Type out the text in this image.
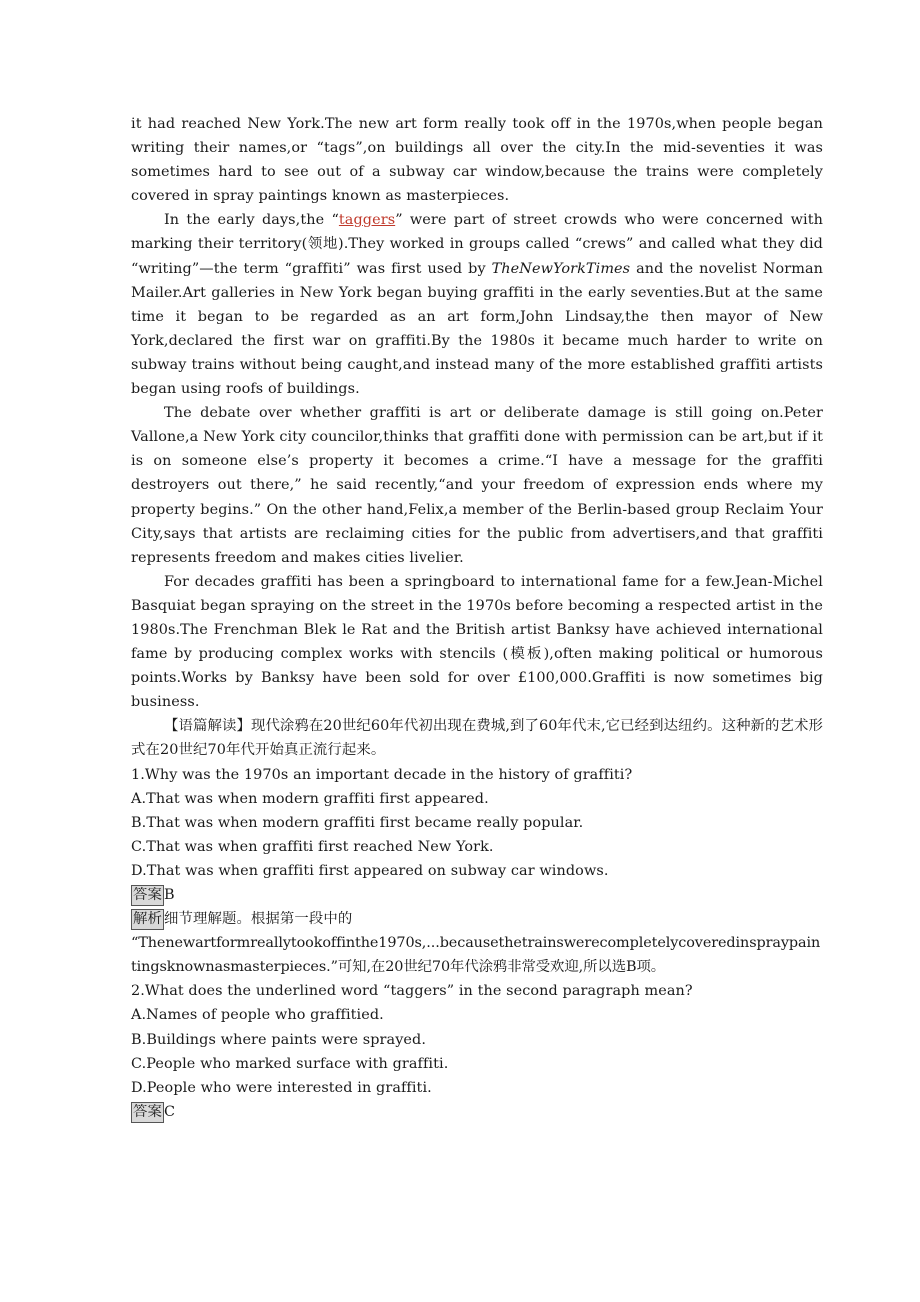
it had reached New York.The new art form really took off in the 1970s,when people began writing their names,or “tags”,on buildings all over the city.In the mid-seventies it was sometimes hard to see out of a subway car window,because the trains were completely covered in spray paintings known as masterpieces.

In the early days,the “taggers” were part of street crowds who were concerned with marking their territory(领地).They worked in groups called “crews” and called what they did “writing”—the term “graffiti” was first used by TheNewYorkTimes and the novelist Norman Mailer.Art galleries in New York began buying graffiti in the early seventies.But at the same time it began to be regarded as an art form,John Lindsay,the then mayor of New York,declared the first war on graffiti.By the 1980s it became much harder to write on subway trains without being caught,and instead many of the more established graffiti artists began using roofs of buildings.

The debate over whether graffiti is art or deliberate damage is still going on.Peter Vallone,a New York city councilor,thinks that graffiti done with permission can be art,but if it is on someone else’s property it becomes a crime.“I have a message for the graffiti destroyers out there,” he said recently,“and your freedom of expression ends where my property begins.” On the other hand,Felix,a member of the Berlin-based group Reclaim Your City,says that artists are reclaiming cities for the public from advertisers,and that graffiti represents freedom and makes cities livelier.

For decades graffiti has been a springboard to international fame for a few.Jean-Michel Basquiat began spraying on the street in the 1970s before becoming a respected artist in the 1980s.The Frenchman Blek le Rat and the British artist Banksy have achieved international fame by producing complex works with stencils (模板),often making political or humorous points.Works by Banksy have been sold for over £100,000.Graffiti is now sometimes big business.

【语篇解读】现代涂鸦在20世纪60年代初出现在费城,到了60年代末,它已经到达纽约。这种新的艺术形式在20世纪70年代开始真正流行起来。

1.Why was the 1970s an important decade in the history of graffiti?

A.That was when modern graffiti first appeared.

B.That was when modern graffiti first became really popular.

C.That was when graffiti first reached New York.

D.That was when graffiti first appeared on subway car windows.

答案 B

解析 细节理解题。根据第一段中的

“Thenewartformreallytookoffinthe1970s,...becausethetrainswerecompletelycoveredinspraypaintingsknownasmasterpieces.”可知,在20世纪70年代涂鸦非常受欢迎,所以选B项。

2.What does the underlined word “taggers” in the second paragraph mean?

A.Names of people who graffitied.

B.Buildings where paints were sprayed.

C.People who marked surface with graffiti.

D.People who were interested in graffiti.

答案 C
